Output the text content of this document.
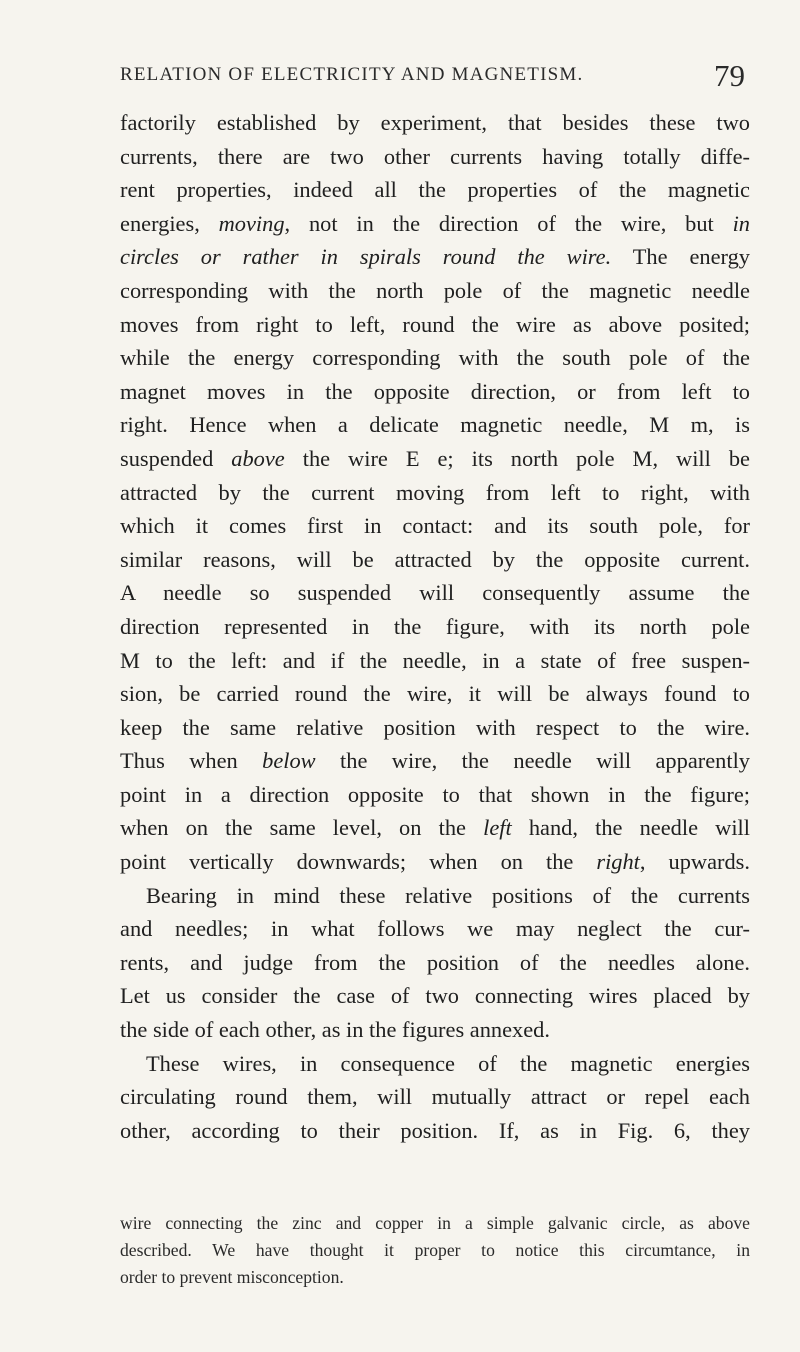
RELATION OF ELECTRICITY AND MAGNETISM.	79
factorily established by experiment, that besides these two
currents, there are two other currents having totally diffe-
rent properties, indeed all the properties of the magnetic
energies, moving, not in the direction of the wire, but in
circles or rather in spirals round the wire. The energy
corresponding with the north pole of the magnetic needle
moves from right to left, round the wire as above posited;
while the energy corresponding with the south pole of the
magnet moves in the opposite direction, or from left to
right. Hence when a delicate magnetic needle, M m, is
suspended above the wire E e; its north pole M, will be
attracted by the current moving from left to right, with
which it comes first in contact: and its south pole, for
similar reasons, will be attracted by the opposite current.
A needle so suspended will consequently assume the
direction represented in the figure, with its north pole
M to the left: and if the needle, in a state of free suspen-
sion, be carried round the wire, it will be always found to
keep the same relative position with respect to the wire.
Thus when below the wire, the needle will apparently
point in a direction opposite to that shown in the figure;
when on the same level, on the left hand, the needle will
point vertically downwards; when on the right, upwards.
Bearing in mind these relative positions of the currents
and needles; in what follows we may neglect the cur-
rents, and judge from the position of the needles alone.
Let us consider the case of two connecting wires placed by
the side of each other, as in the figures annexed.
These wires, in consequence of the magnetic energies
circulating round them, will mutually attract or repel each
other, according to their position. If, as in Fig. 6, they
wire connecting the zinc and copper in a simple galvanic circle, as above
described. We have thought it proper to notice this circumtance, in
order to prevent misconception.
